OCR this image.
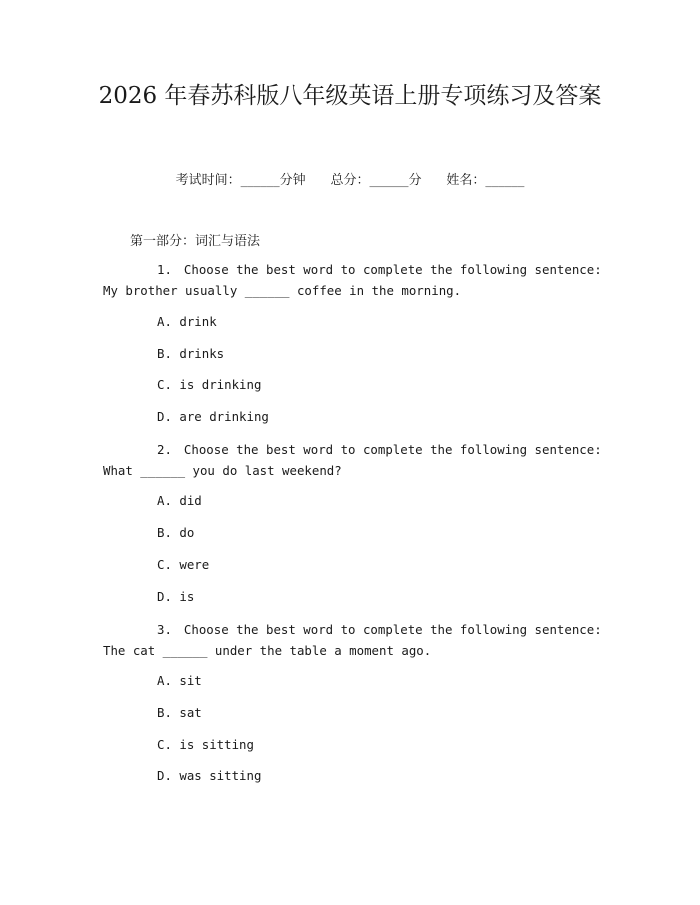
2026 年春苏科版八年级英语上册专项练习及答案
考试时间：______分钟 总分：______分 姓名：______
第一部分：词汇与语法
1. Choose the best word to complete the following sentence: My brother usually ______ coffee in the morning.
A. drink
B. drinks
C. is drinking
D. are drinking
2. Choose the best word to complete the following sentence: What ______ you do last weekend?
A. did
B. do
C. were
D. is
3. Choose the best word to complete the following sentence: The cat ______ under the table a moment ago.
A. sit
B. sat
C. is sitting
D. was sitting
